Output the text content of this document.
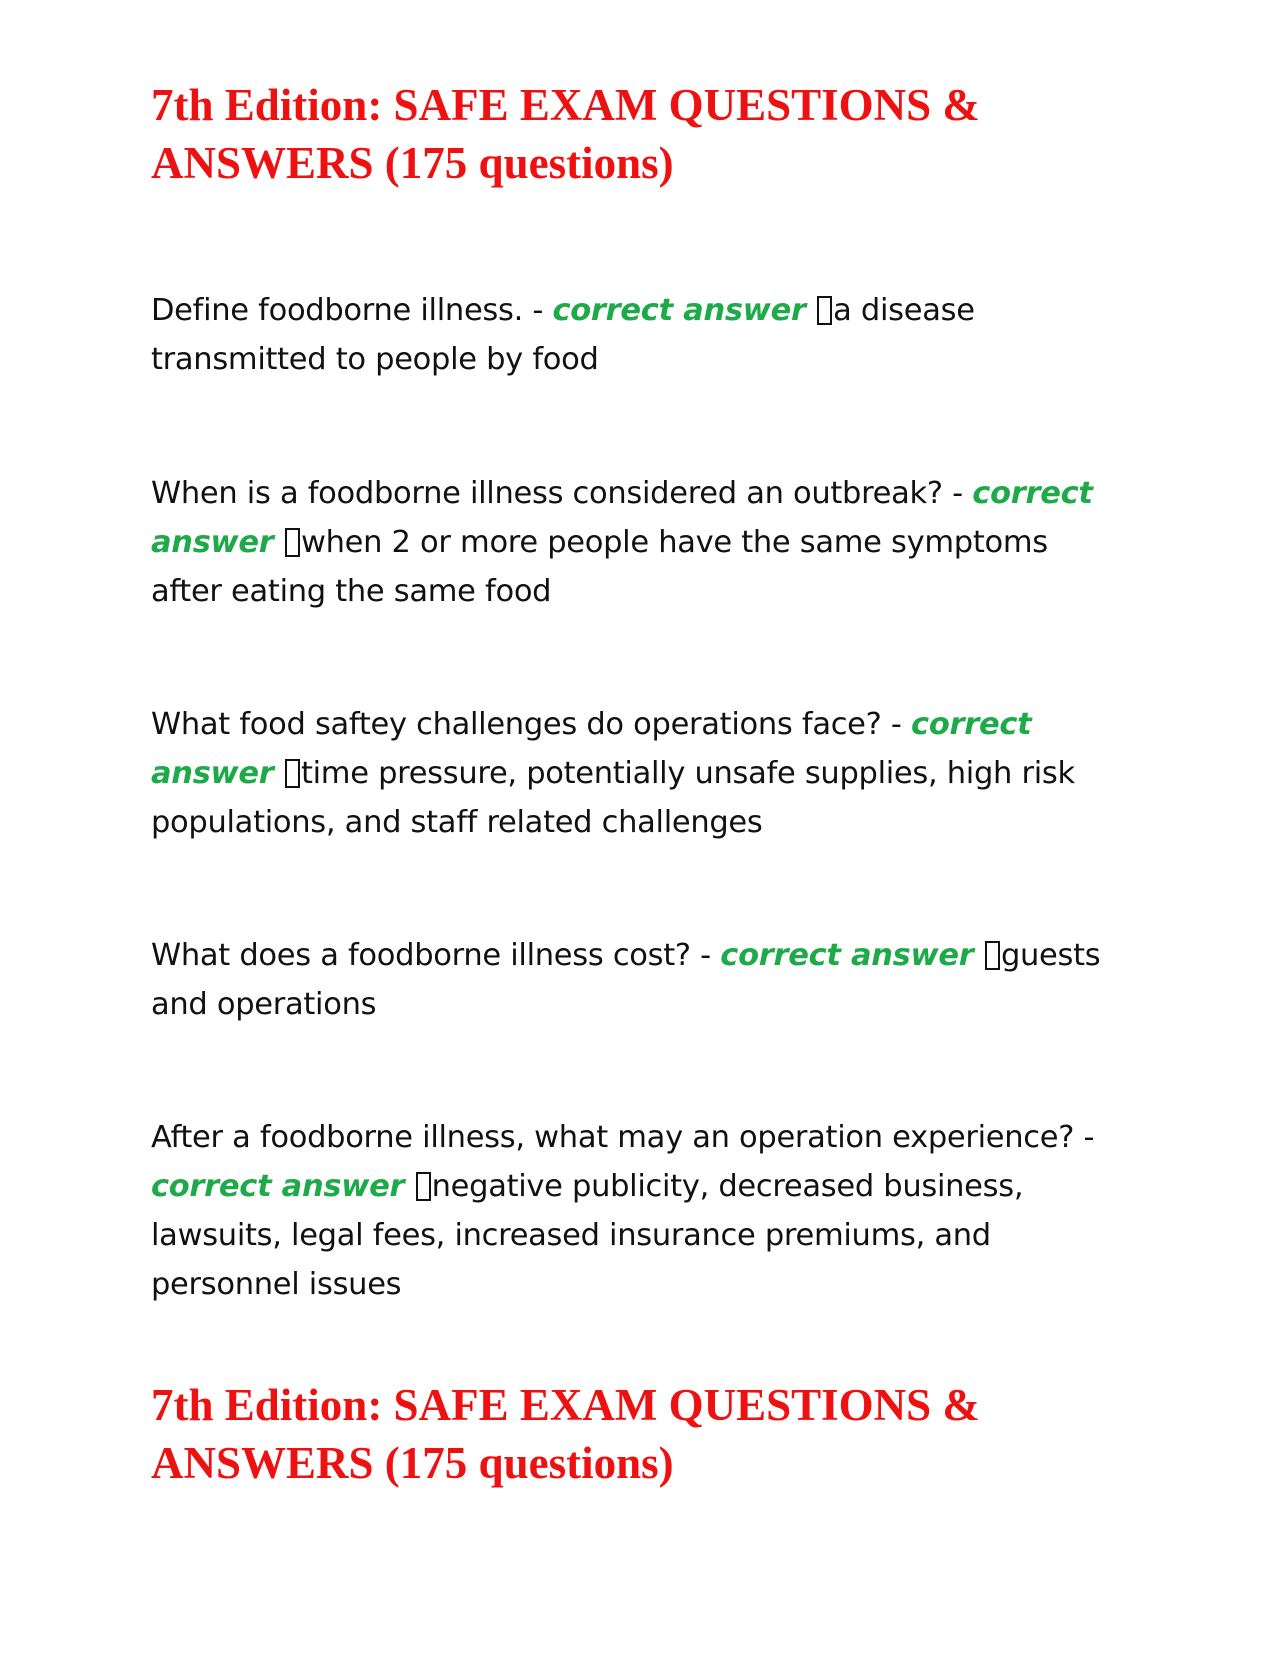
7th Edition: SAFE EXAM QUESTIONS & ANSWERS (175 questions)

Define foodborne illness. - correct answer a disease transmitted to people by food

When is a foodborne illness considered an outbreak? - correct answer when 2 or more people have the same symptoms after eating the same food

What food saftey challenges do operations face? - correct answer time pressure, potentially unsafe supplies, high risk populations, and staff related challenges

What does a foodborne illness cost? - correct answer guests and operations

After a foodborne illness, what may an operation experience? - correct answer negative publicity, decreased business, lawsuits, legal fees, increased insurance premiums, and personnel issues

7th Edition: SAFE EXAM QUESTIONS & ANSWERS (175 questions)
